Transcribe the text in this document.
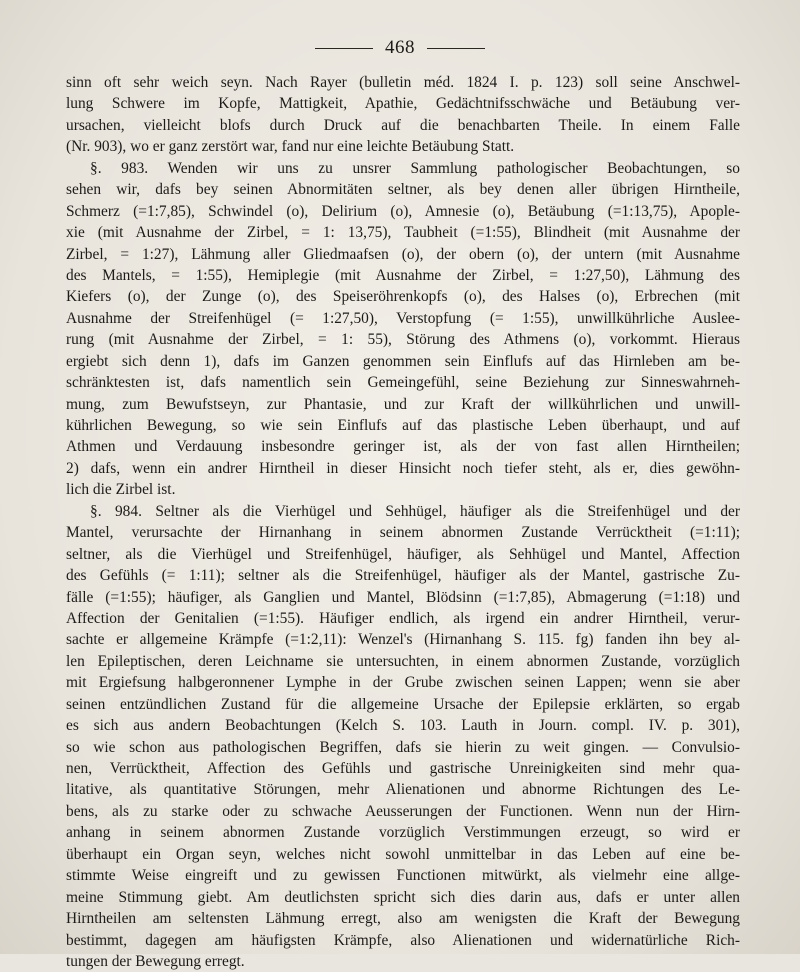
468
sinn oft sehr weich seyn. Nach Rayer (bulletin méd. 1824 I. p. 123) soll seine Anschwel-
lung Schwere im Kopfe, Mattigkeit, Apathie, Gedächtnifsschwäche und Betäubung ver-
ursachen, vielleicht blofs durch Druck auf die benachbarten Theile. In einem Falle
(Nr. 903), wo er ganz zerstört war, fand nur eine leichte Betäubung Statt.
§. 983. Wenden wir uns zu unsrer Sammlung pathologischer Beobachtungen, so
sehen wir, dafs bey seinen Abnormitäten seltner, als bey denen aller übrigen Hirntheile,
Schmerz (=1:7,85), Schwindel (o), Delirium (o), Amnesie (o), Betäubung (=1:13,75), Apople-
xie (mit Ausnahme der Zirbel, = 1: 13,75), Taubheit (=1:55), Blindheit (mit Ausnahme der
Zirbel, = 1:27), Lähmung aller Gliedmaafsen (o), der obern (o), der untern (mit Ausnahme
des Mantels, = 1:55), Hemiplegie (mit Ausnahme der Zirbel, = 1:27,50), Lähmung des
Kiefers (o), der Zunge (o), des Speiseröhrenkopfs (o), des Halses (o), Erbrechen (mit
Ausnahme der Streifenhügel (= 1:27,50), Verstopfung (= 1:55), unwillkührliche Auslee-
rung (mit Ausnahme der Zirbel, = 1: 55), Störung des Athmens (o), vorkommt. Hieraus
ergiebt sich denn 1), dafs im Ganzen genommen sein Einflufs auf das Hirnleben am be-
schränktesten ist, dafs namentlich sein Gemeingefühl, seine Beziehung zur Sinneswahrneh-
mung, zum Bewufstseyn, zur Phantasie, und zur Kraft der willkührlichen und unwill-
kührlichen Bewegung, so wie sein Einflufs auf das plastische Leben überhaupt, und auf
Athmen und Verdauung insbesondre geringer ist, als der von fast allen Hirntheilen;
2) dafs, wenn ein andrer Hirntheil in dieser Hinsicht noch tiefer steht, als er, dies gewöhn-
lich die Zirbel ist.
§. 984. Seltner als die Vierhügel und Sehhügel, häufiger als die Streifenhügel und der
Mantel, verursachte der Hirnanhang in seinem abnormen Zustande Verrücktheit (=1:11);
seltner, als die Vierhügel und Streifenhügel, häufiger, als Sehhügel und Mantel, Affection
des Gefühls (= 1:11); seltner als die Streifenhügel, häufiger als der Mantel, gastrische Zu-
fälle (=1:55); häufiger, als Ganglien und Mantel, Blödsinn (=1:7,85), Abmagerung (=1:18) und
Affection der Genitalien (=1:55). Häufiger endlich, als irgend ein andrer Hirntheil, verur-
sachte er allgemeine Krämpfe (=1:2,11): Wenzel's (Hirnanhang S. 115. fg) fanden ihn bey al-
len Epileptischen, deren Leichname sie untersuchten, in einem abnormen Zustande, vorzüglich
mit Ergiefsung halbgeronnener Lymphe in der Grube zwischen seinen Lappen; wenn sie aber
seinen entzündlichen Zustand für die allgemeine Ursache der Epilepsie erklärten, so ergab
es sich aus andern Beobachtungen (Kelch S. 103. Lauth in Journ. compl. IV. p. 301),
so wie schon aus pathologischen Begriffen, dafs sie hierin zu weit gingen. — Convulsio-
nen, Verrücktheit, Affection des Gefühls und gastrische Unreinigkeiten sind mehr qua-
litative, als quantitative Störungen, mehr Alienationen und abnorme Richtungen des Le-
bens, als zu starke oder zu schwache Aeusserungen der Functionen. Wenn nun der Hirn-
anhang in seinem abnormen Zustande vorzüglich Verstimmungen erzeugt, so wird er
überhaupt ein Organ seyn, welches nicht sowohl unmittelbar in das Leben auf eine be-
stimmte Weise eingreift und zu gewissen Functionen mitwürkt, als vielmehr eine allge-
meine Stimmung giebt. Am deutlichsten spricht sich dies darin aus, dafs er unter allen
Hirntheilen am seltensten Lähmung erregt, also am wenigsten die Kraft der Bewegung
bestimmt, dagegen am häufigsten Krämpfe, also Alienationen und widernatürliche Rich-
tungen der Bewegung erregt.
